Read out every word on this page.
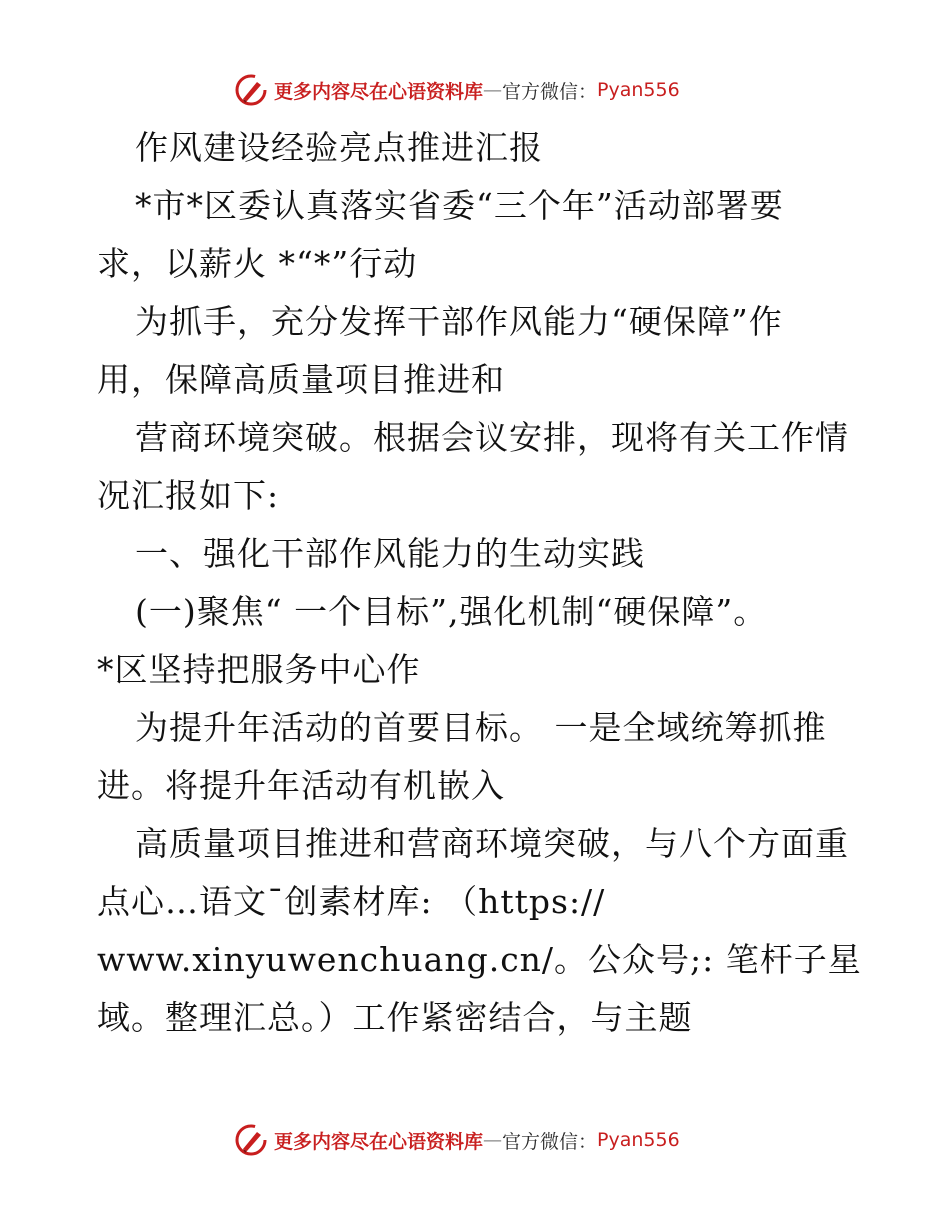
更多内容尽在心语资料库 — 官方微信： Pyan556
作风建设经验亮点推进汇报
*市*区委认真落实省委“三个年”活动部署要
求，以薪火 *“*”行动
为抓手，充分发挥干部作风能力“硬保障”作
用，保障高质量项目推进和
营商环境突破。根据会议安排，现将有关工作情
况汇报如下:
一、强化干部作风能力的生动实践
(一)聚焦“ 一个目标”,强化机制“硬保障”。
*区坚持把服务中心作
为提升年活动的首要目标。 一是全域统筹抓推
进。将提升年活动有机嵌入
高质量项目推进和营商环境突破，与八个方面重
点心…语文¯创素材库: （https://
www.xinyuwenchuang.cn/。公众号;: 笔杆子星
域。整理汇总。）工作紧密结合，与主题
更多内容尽在心语资料库 — 官方微信： Pyan556
